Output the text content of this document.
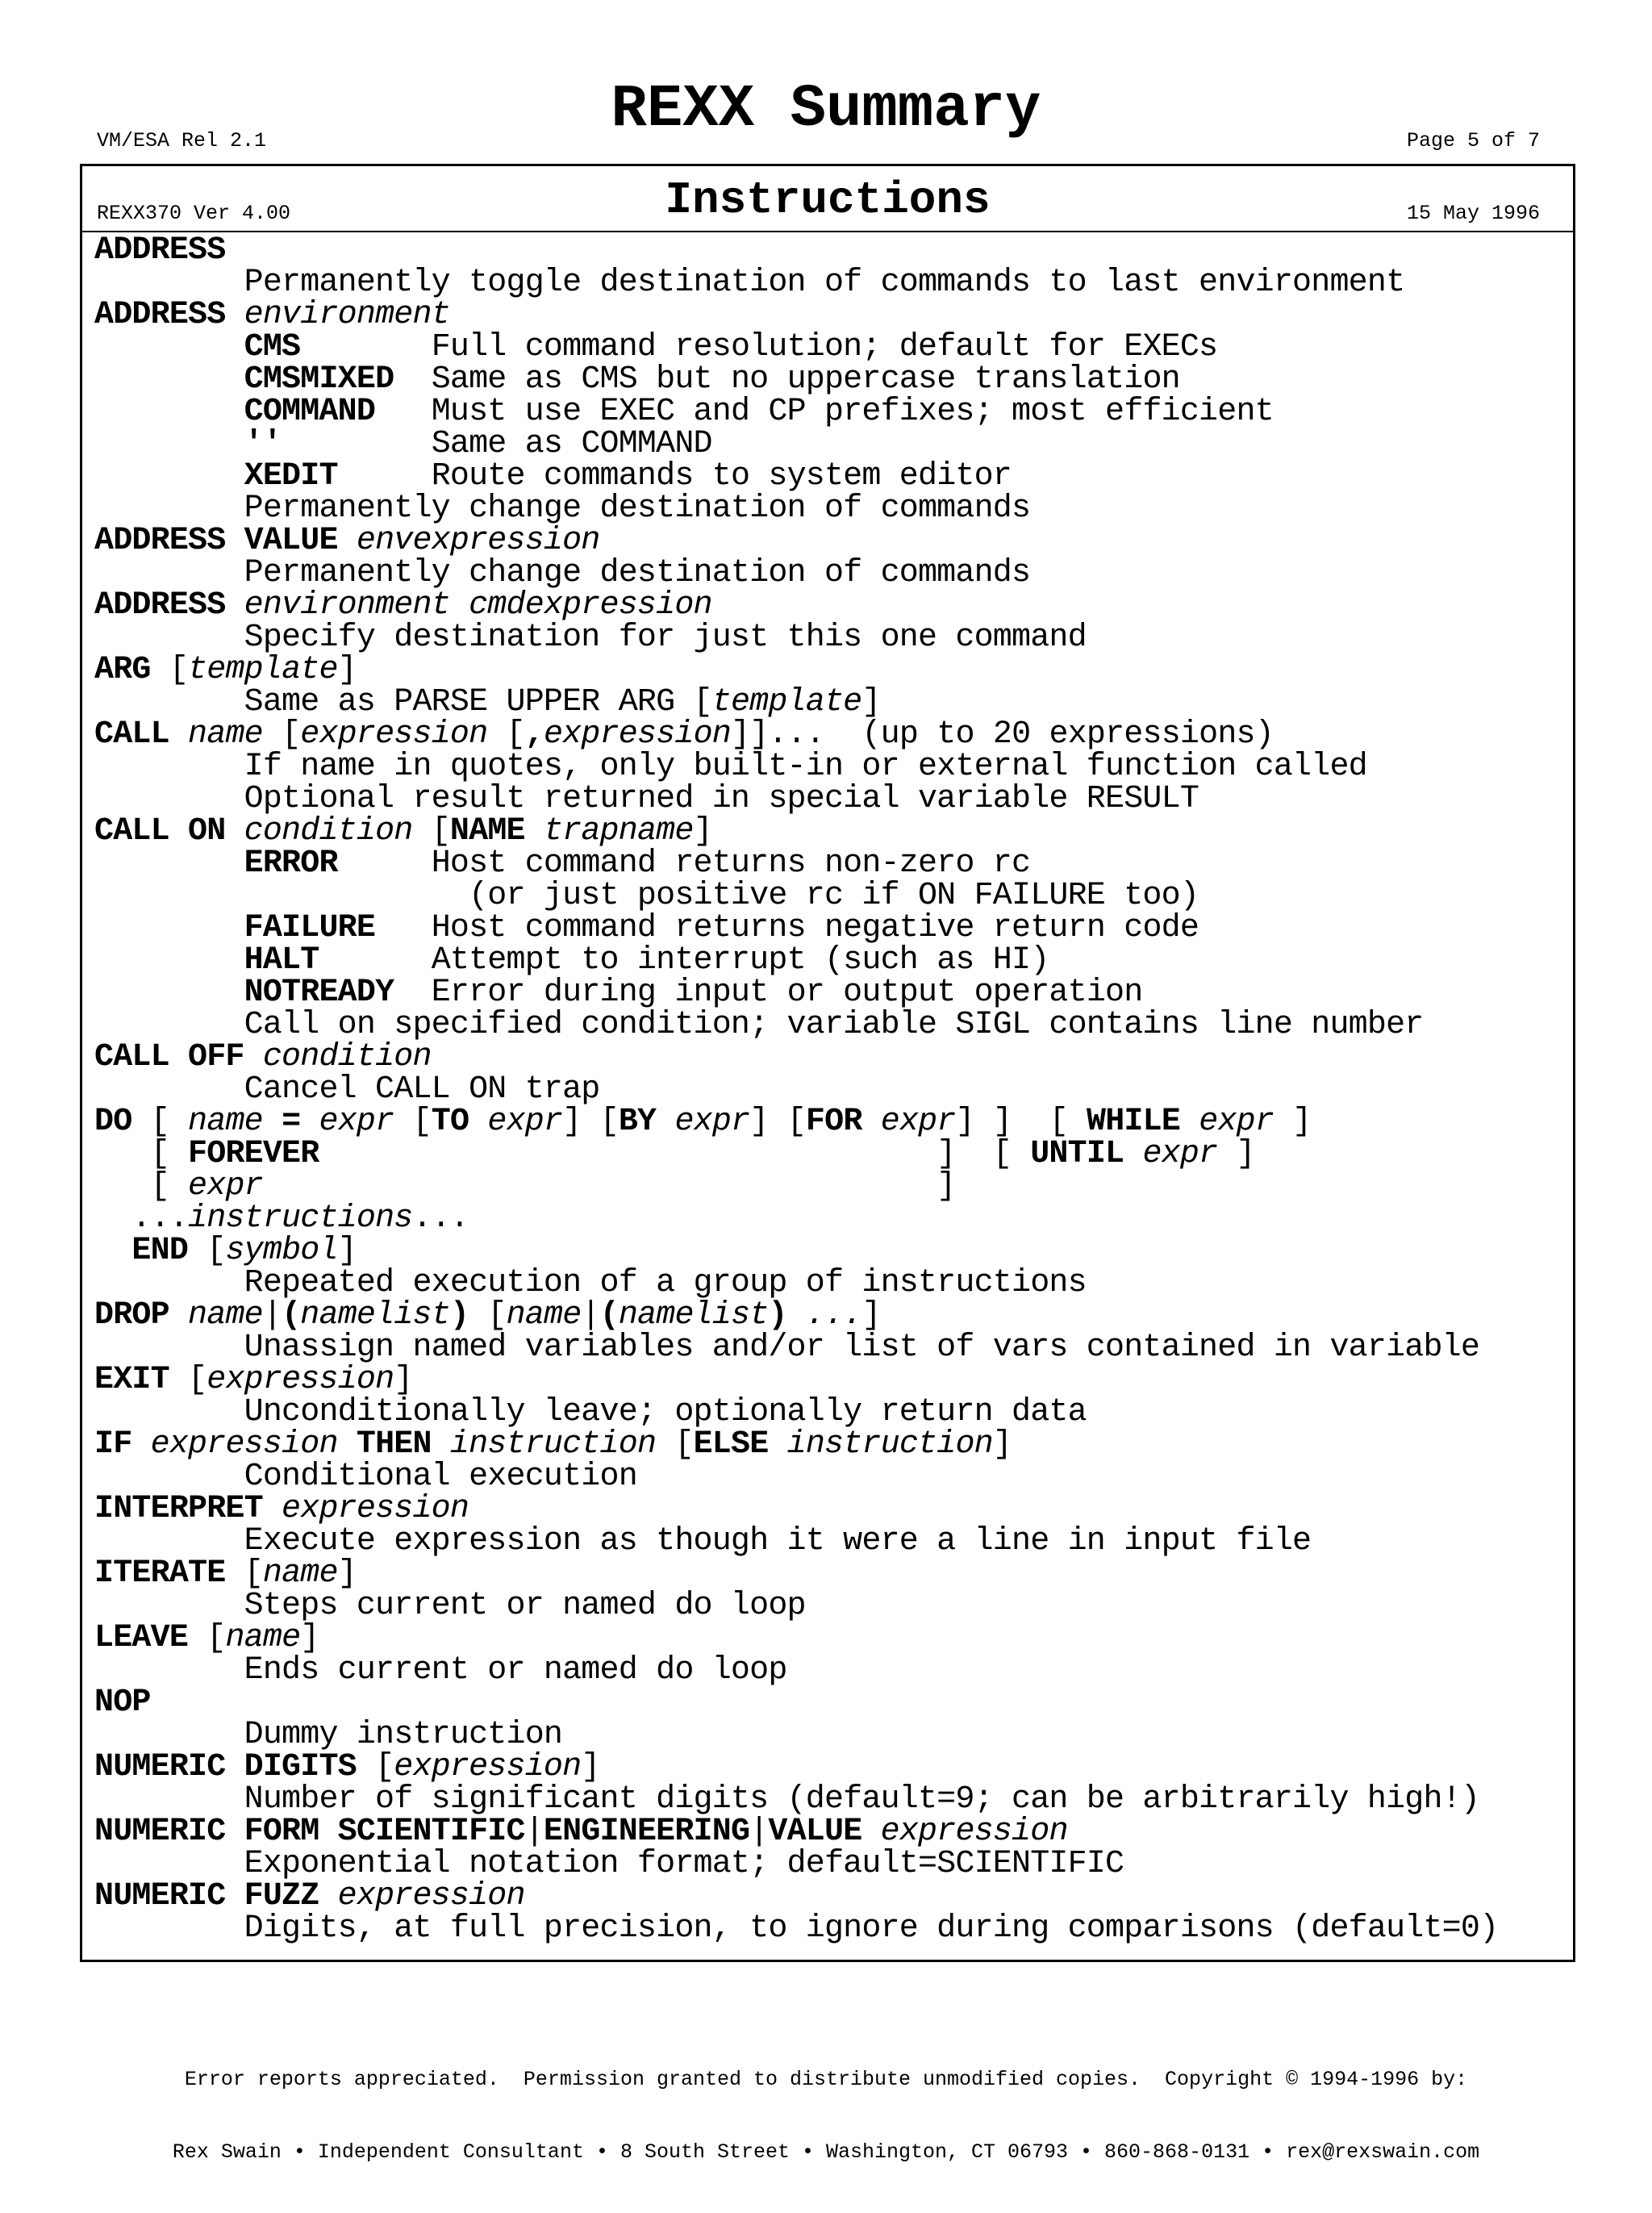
VM/ESA Rel 2.1

REXX370 Ver 4.00

REXX Summary

	Page 5 of 7

15 May 1996

Instructions
ADDRESS
Permanently toggle destination of commands to last environment
ADDRESS environment
CMS       Full command resolution; default for EXECs
CMSMIXED  Same as CMS but no uppercase translation
COMMAND   Must use EXEC and CP prefixes; most efficient
''        Same as COMMAND
XEDIT     Route commands to system editor
Permanently change destination of commands
ADDRESS VALUE envexpression
Permanently change destination of commands
ADDRESS environment cmdexpression
Specify destination for just this one command
ARG [template]
Same as PARSE UPPER ARG [template]
CALL name [expression [,expression]]...  (up to 20 expressions)
If name in quotes, only built-in or external function called
Optional result returned in special variable RESULT
CALL ON condition [NAME trapname]
ERROR     Host command returns non-zero rc
(or just positive rc if ON FAILURE too)
FAILURE   Host command returns negative return code
HALT      Attempt to interrupt (such as HI)
NOTREADY  Error during input or output operation
Call on specified condition; variable SIGL contains line number
CALL OFF condition
Cancel CALL ON trap
DO [ name = expr [TO expr] [BY expr] [FOR expr] ]  [ WHILE expr ]
[ FOREVER                                 ]  [ UNTIL expr ]
[ expr                                    ]
...instructions...
END [symbol]
Repeated execution of a group of instructions
DROP name|(namelist) [name|(namelist) ...]
Unassign named variables and/or list of vars contained in variable
EXIT [expression]
Unconditionally leave; optionally return data
IF expression THEN instruction [ELSE instruction]
Conditional execution
INTERPRET expression
Execute expression as though it were a line in input file
ITERATE [name]
Steps current or named do loop
LEAVE [name]
Ends current or named do loop
NOP
Dummy instruction
NUMERIC DIGITS [expression]
Number of significant digits (default=9; can be arbitrarily high!)
NUMERIC FORM SCIENTIFIC|ENGINEERING|VALUE expression
Exponential notation format; default=SCIENTIFIC
NUMERIC FUZZ expression
Digits, at full precision, to ignore during comparisons (default=0)

Error reports appreciated.  Permission granted to distribute unmodified copies.  Copyright © 1994-1996 by:

Rex Swain • Independent Consultant • 8 South Street • Washington, CT 06793 • 860-868-0131 • rex@rexswain.com
